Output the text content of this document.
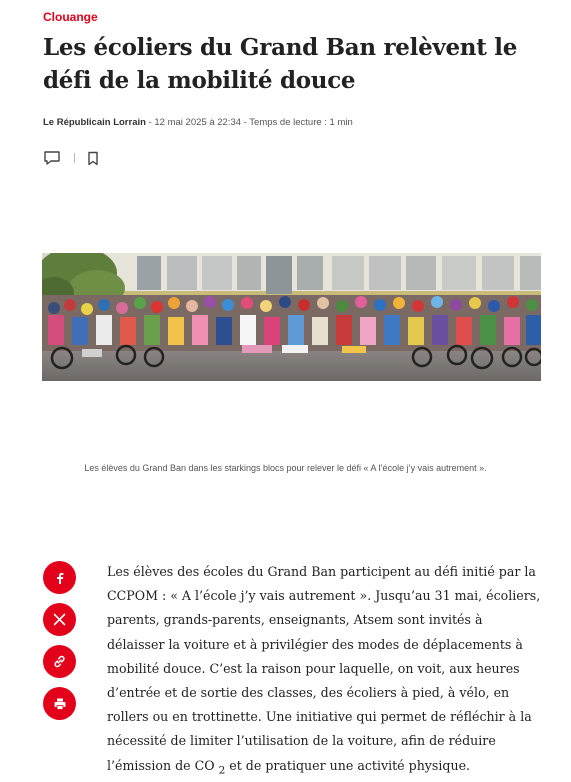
Clouange
Les écoliers du Grand Ban relèvent le défi de la mobilité douce
Le Républicain Lorrain - 12 mai 2025 à 22:34 - Temps de lecture : 1 min
Les élèves du Grand Ban dans les starkings blocs pour relever le défi « A l’école j’y vais autrement ».

Les élèves des écoles du Grand Ban participent au défi initié par la CCPOM : « A l’école j’y vais autrement ». Jusqu’au 31 mai, écoliers, parents, grands-parents, enseignants, Atsem sont invités à délaisser la voiture et à privilégier des modes de déplacements à mobilité douce. C’est la raison pour laquelle, on voit, aux heures d’entrée et de sortie des classes, des écoliers à pied, à vélo, en rollers ou en trottinette. Une initiative qui permet de réfléchir à la nécessité de limiter l’utilisation de la voiture, afin de réduire l’émission de CO $_2$ et de pratiquer une activité physique.
